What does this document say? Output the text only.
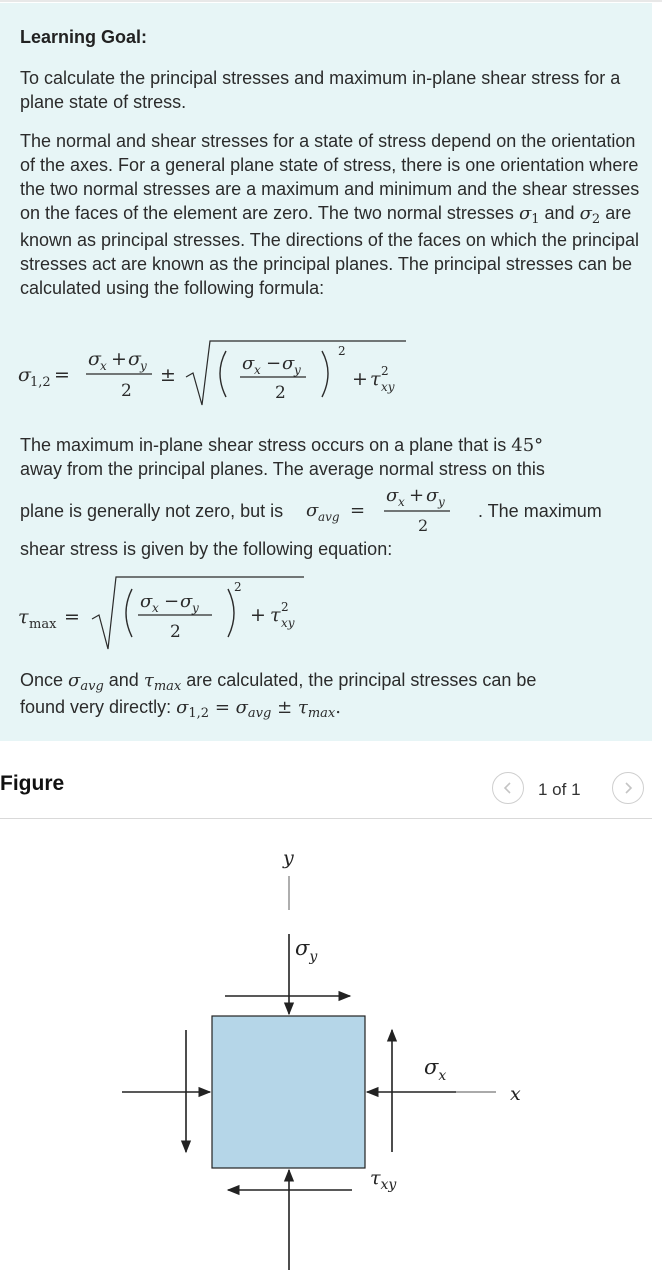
Learning Goal:

To calculate the principal stresses and maximum in-plane shear stress for a plane state of stress.

The normal and shear stresses for a state of stress depend on the orientation of the axes. For a general plane state of stress, there is one orientation where the two normal stresses are a maximum and minimum and the shear stresses on the faces of the element are zero. The two normal stresses $\sigma_1$ and $\sigma_2$ are known as principal stresses. The directions of the faces on which the principal stresses act are known as the principal planes. The principal stresses can be calculated using the following formula:

σ 1,2 =
σ x + σ y
2
±
σ x − σ y
2
2
+ τ 2
xy
The maximum in-plane shear stress occurs on a plane that is 45°
away from the principal planes. The average normal stress on this
plane is generally not zero, but is σ avg =
σ x + σ y
2
. The maximum
shear stress is given by the following equation:
τ max =
σ x − σ y
2
2
+ τ 2
xy

Once $\sigma_{avg}$ and $\tau_{max}$ are calculated, the principal stresses can be
found very directly: $\sigma_{1,2} = \sigma_{avg} \pm \tau_{max}$.

Figure	1 of 1
y
$\sigma_y$
$\sigma_x$
x
$\tau_{xy}$
